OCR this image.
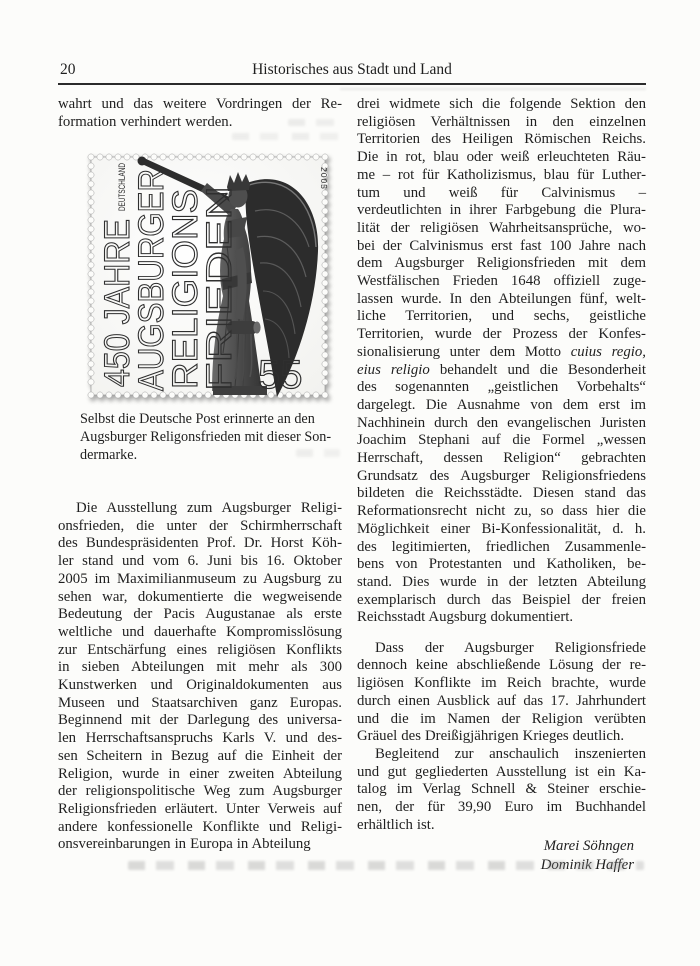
20	Historisches aus Stadt und Land
wahrt und das weitere Vordringen der Re-
formation verhindert werden.
Die Ausstellung zum Augsburger Religi-
onsfrieden, die unter der Schirmherrschaft
des Bundespräsidenten Prof. Dr. Horst Köh-
ler stand und vom 6. Juni bis 16. Oktober
2005 im Maximilianmuseum zu Augsburg zu
sehen war, dokumentierte die wegweisende
Bedeutung der Pacis Augustanae als erste
weltliche und dauerhafte Kompromisslösung
zur Entschärfung eines religiösen Konflikts
in sieben Abteilungen mit mehr als 300
Kunstwerken und Originaldokumenten aus
Museen und Staatsarchiven ganz Europas.
Beginnend mit der Darlegung des universa-
len Herrschaftsanspruchs Karls V. und des-
sen Scheitern in Bezug auf die Einheit der
Religion, wurde in einer zweiten Abteilung
der religionspolitische Weg zum Augsburger
Religionsfrieden erläutert. Unter Verweis auf
andere konfessionelle Konflikte und Religi-
onsvereinbarungen in Europa in Abteilung
450 JAHRE
DEUTSCHLAND AUGSBURGER
RELIGIONS
FRIEDEN
2005
55
Selbst die Deutsche Post erinnerte an den
Augsburger Religonsfrieden mit dieser Son-
dermarke.
drei widmete sich die folgende Sektion den
religiösen Verhältnissen in den einzelnen
Territorien des Heiligen Römischen Reichs.
Die in rot, blau oder weiß erleuchteten Räu-
me – rot für Katholizismus, blau für Luther-
tum und weiß für Calvinismus –
verdeutlichten in ihrer Farbgebung die Plura-
lität der religiösen Wahrheitsansprüche, wo-
bei der Calvinismus erst fast 100 Jahre nach
dem Augsburger Religionsfrieden mit dem
Westfälischen Frieden 1648 offiziell zuge-
lassen wurde. In den Abteilungen fünf, welt-
liche Territorien, und sechs, geistliche
Territorien, wurde der Prozess der Konfes-
sionalisierung unter dem Motto cuius regio,
eius religio behandelt und die Besonderheit
des sogenannten „geistlichen Vorbehalts“
dargelegt. Die Ausnahme von dem erst im
Nachhinein durch den evangelischen Juristen
Joachim Stephani auf die Formel „wessen
Herrschaft, dessen Religion“ gebrachten
Grundsatz des Augsburger Religionsfriedens
bildeten die Reichsstädte. Diesen stand das
Reformationsrecht nicht zu, so dass hier die
Möglichkeit einer Bi-Konfessionalität, d. h.
des legitimierten, friedlichen Zusammenle-
bens von Protestanten und Katholiken, be-
stand. Dies wurde in der letzten Abteilung
exemplarisch durch das Beispiel der freien
Reichsstadt Augsburg dokumentiert.
Dass der Augsburger Religionsfriede
dennoch keine abschließende Lösung der re-
ligiösen Konflikte im Reich brachte, wurde
durch einen Ausblick auf das 17. Jahrhundert
und die im Namen der Religion verübten
Gräuel des Dreißigjährigen Krieges deutlich.
Begleitend zur anschaulich inszenierten
und gut gegliederten Ausstellung ist ein Ka-
talog im Verlag Schnell & Steiner erschie-
nen, der für 39,90 Euro im Buchhandel
erhältlich ist.
Marei Söhngen
Dominik Haffer
